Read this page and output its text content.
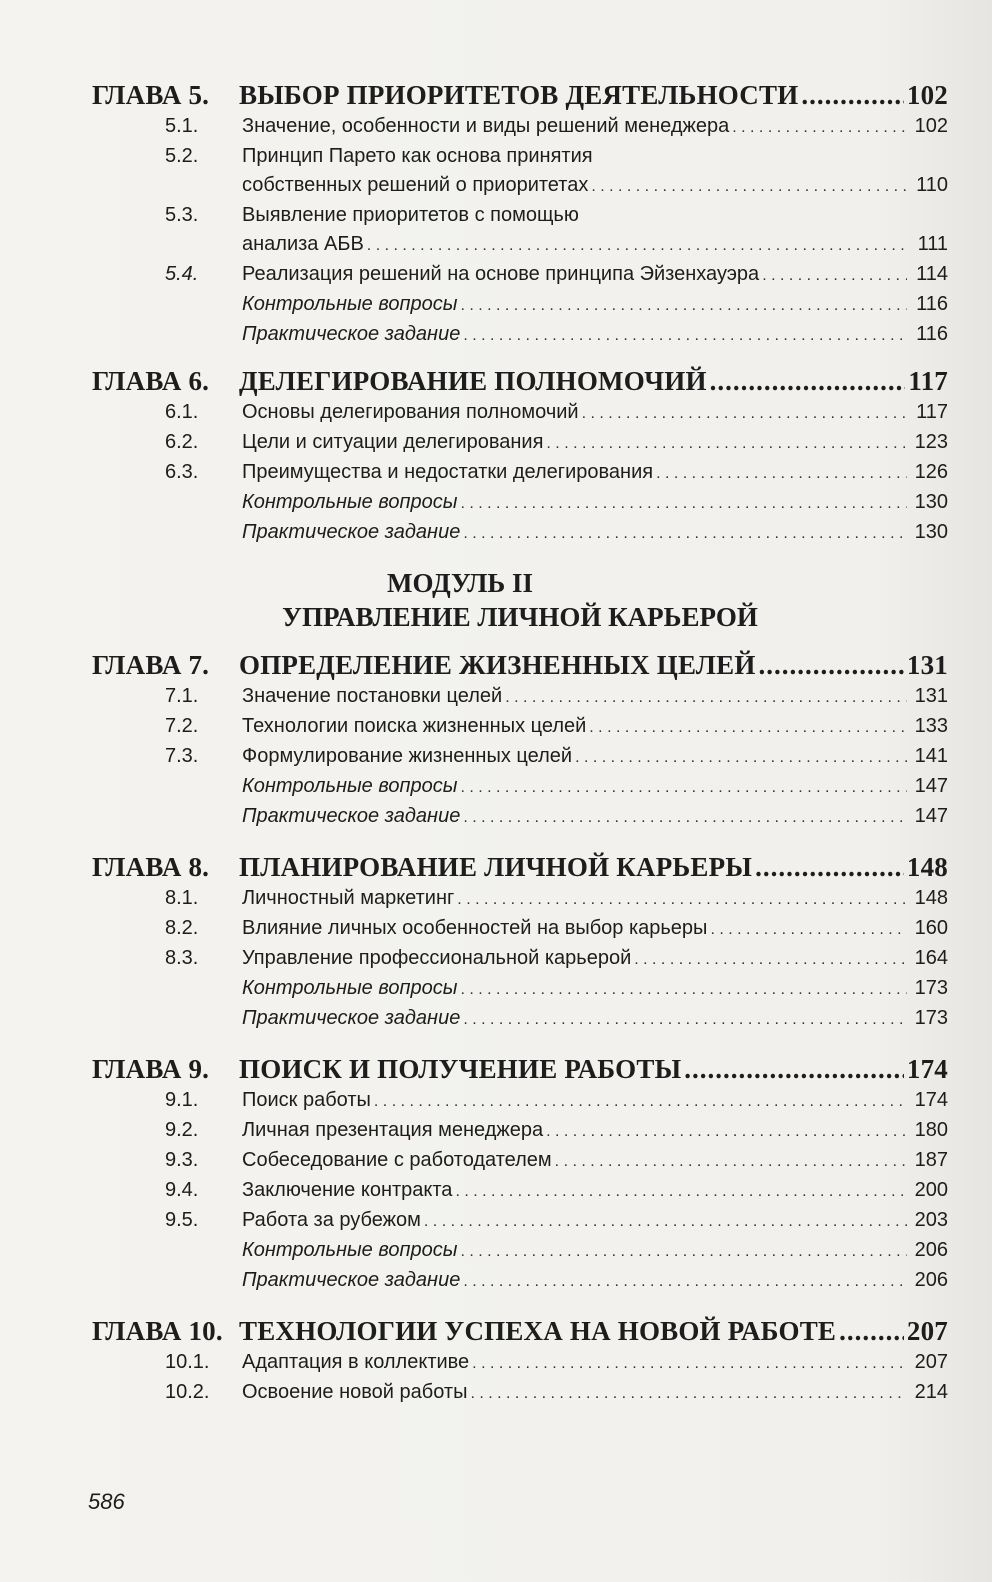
ГЛАВА 5.	ВЫБОР ПРИОРИТЕТОВ ДЕЯТЕЛЬНОСТИ .....	102
5.1.	Значение, особенности и виды решений менеджера . . .	102
5.2.	Принцип Парето как основа принятия
собственных решений о приоритетах . . .	110
5.3.	Выявление приоритетов с помощью
анализа АБВ . . .	111
5.4.	Реализация решений на основе принципа Эйзенхауэра . . .	114
Контрольные вопросы . . .	116
Практическое задание . . .	116
ГЛАВА 6.	ДЕЛЕГИРОВАНИЕ ПОЛНОМОЧИЙ .....	117
6.1.	Основы делегирования полномочий . . .	117
6.2.	Цели и ситуации делегирования . . .	123
6.3.	Преимущества и недостатки делегирования . . .	126
Контрольные вопросы . . .	130
Практическое задание . . .	130
МОДУЛЬ II
УПРАВЛЕНИЕ ЛИЧНОЙ КАРЬЕРОЙ
ГЛАВА 7.	ОПРЕДЕЛЕНИЕ ЖИЗНЕННЫХ ЦЕЛЕЙ .....	131
7.1.	Значение постановки целей . . .	131
7.2.	Технологии поиска жизненных целей . . .	133
7.3.	Формулирование жизненных целей . . .	141
Контрольные вопросы . . .	147
Практическое задание . . .	147
ГЛАВА 8.	ПЛАНИРОВАНИЕ ЛИЧНОЙ КАРЬЕРЫ .....	148
8.1.	Личностный маркетинг . . .	148
8.2.	Влияние личных особенностей на выбор карьеры . . .	160
8.3.	Управление профессиональной карьерой . . .	164
Контрольные вопросы . . .	173
Практическое задание . . .	173
ГЛАВА 9.	ПОИСК И ПОЛУЧЕНИЕ РАБОТЫ .....	174
9.1.	Поиск работы . . .	174
9.2.	Личная презентация менеджера . . .	180
9.3.	Собеседование с работодателем . . .	187
9.4.	Заключение контракта . . .	200
9.5.	Работа за рубежом . . .	203
Контрольные вопросы . . .	206
Практическое задание . . .	206
ГЛАВА 10. ТЕХНОЛОГИИ УСПЕХА НА НОВОЙ РАБОТЕ .....	207
10.1.	Адаптация в коллективе . . .	207
10.2.	Освоение новой работы . . .	214
586
